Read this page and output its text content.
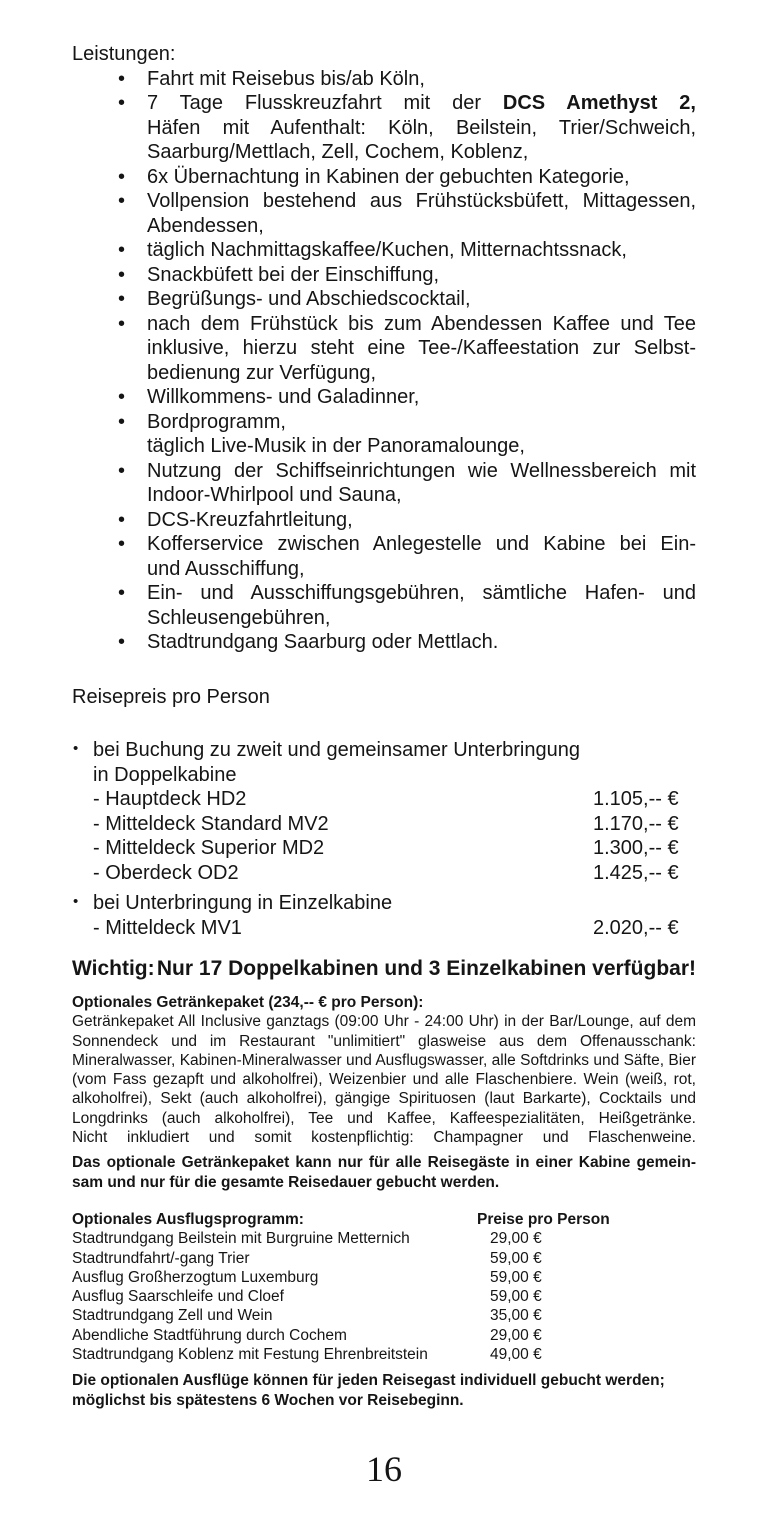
Leistungen:
• Fahrt mit Reisebus bis/ab Köln,
• 7 Tage Flusskreuzfahrt mit der DCS Amethyst 2,
Häfen mit Aufenthalt: Köln, Beilstein, Trier/Schweich,
Saarburg/Mettlach, Zell, Cochem, Koblenz,
• 6x Übernachtung in Kabinen der gebuchten Kategorie,
• Vollpension bestehend aus Frühstücksbüfett, Mittagessen,
Abendessen,
• täglich Nachmittagskaffee/Kuchen, Mitternachtssnack,
• Snackbüfett bei der Einschiffung,
• Begrüßungs- und Abschiedscocktail,
• nach dem Frühstück bis zum Abendessen Kaffee und Tee
inklusive, hierzu steht eine Tee-/Kaffeestation zur Selbst-
bedienung zur Verfügung,
• Willkommens- und Galadinner,
• Bordprogramm,
täglich Live-Musik in der Panoramalounge,
• Nutzung der Schiffseinrichtungen wie Wellnessbereich mit
Indoor-Whirlpool und Sauna,
• DCS-Kreuzfahrtleitung,
• Kofferservice zwischen Anlegestelle und Kabine bei Ein-
und Ausschiffung,
• Ein- und Ausschiffungsgebühren, sämtliche Hafen- und
Schleusengebühren,
• Stadtrundgang Saarburg oder Mettlach.
Reisepreis pro Person
• bei Buchung zu zweit und gemeinsamer Unterbringung
in Doppelkabine
- Hauptdeck HD2	1.105,-- €
- Mitteldeck Standard MV2	1.170,-- €
- Mitteldeck Superior MD2	1.300,-- €
- Oberdeck OD2	1.425,-- €
• bei Unterbringung in Einzelkabine
- Mitteldeck MV1	2.020,-- €
Wichtig: Nur 17 Doppelkabinen und 3 Einzelkabinen verfügbar!
Optionales Getränkepaket (234,-- € pro Person):
Getränkepaket All Inclusive ganztags (09:00 Uhr - 24:00 Uhr) in der Bar/Lounge, auf dem
Sonnendeck und im Restaurant "unlimitiert" glasweise aus dem Offenausschank:
Mineralwasser, Kabinen-Mineralwasser und Ausflugswasser, alle Softdrinks und Säfte, Bier
(vom Fass gezapft und alkoholfrei), Weizenbier und alle Flaschenbiere. Wein (weiß, rot,
alkoholfrei), Sekt (auch alkoholfrei), gängige Spirituosen (laut Barkarte), Cocktails und
Longdrinks (auch alkoholfrei), Tee und Kaffee, Kaffeespezialitäten, Heißgetränke.
Nicht inkludiert und somit kostenpflichtig: Champagner und Flaschenweine.
Das optionale Getränkepaket kann nur für alle Reisegäste in einer Kabine gemein-
sam und nur für die gesamte Reisedauer gebucht werden.
Optionales Ausflugsprogramm:	Preise pro Person
Stadtrundgang Beilstein mit Burgruine Metternich	29,00 €
Stadtrundfahrt/-gang Trier	59,00 €
Ausflug Großherzogtum Luxemburg	59,00 €
Ausflug Saarschleife und Cloef	59,00 €
Stadtrundgang Zell und Wein	35,00 €
Abendliche Stadtführung durch Cochem	29,00 €
Stadtrundgang Koblenz mit Festung Ehrenbreitstein	49,00 €
Die optionalen Ausflüge können für jeden Reisegast individuell gebucht werden;
möglichst bis spätestens 6 Wochen vor Reisebeginn.
16
